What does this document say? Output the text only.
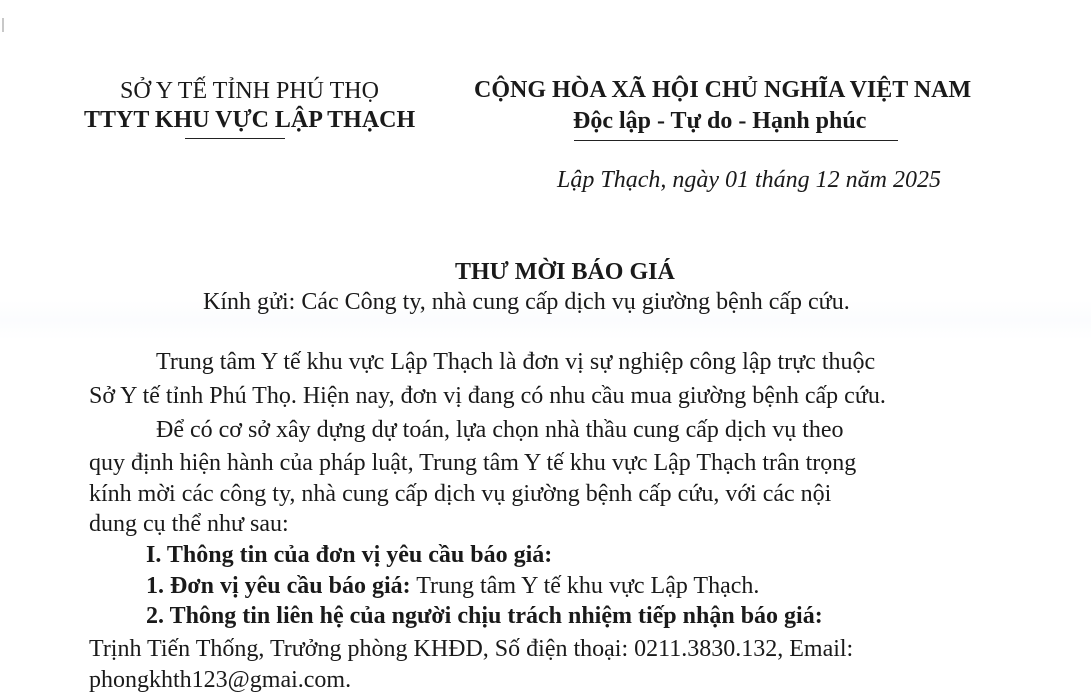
SỞ Y TẾ TỈNH PHÚ THỌ
TTYT KHU VỰC LẬP THẠCH
CỘNG HÒA XÃ HỘI CHỦ NGHĨA VIỆT NAM
Độc lập - Tự do - Hạnh phúc
Lập Thạch, ngày 01 tháng 12 năm 2025
THƯ MỜI BÁO GIÁ
Kính gửi: Các Công ty, nhà cung cấp dịch vụ giường bệnh cấp cứu.
Trung tâm Y tế khu vực Lập Thạch là đơn vị sự nghiệp công lập trực thuộc
Sở Y tế tỉnh Phú Thọ. Hiện nay, đơn vị đang có nhu cầu mua giường bệnh cấp cứu.
Để có cơ sở xây dựng dự toán, lựa chọn nhà thầu cung cấp dịch vụ theo
quy định hiện hành của pháp luật, Trung tâm Y tế khu vực Lập Thạch trân trọng
kính mời các công ty, nhà cung cấp dịch vụ giường bệnh cấp cứu, với các nội
dung cụ thể như sau:
I. Thông tin của đơn vị yêu cầu báo giá:
1. Đơn vị yêu cầu báo giá: Trung tâm Y tế khu vực Lập Thạch.
2. Thông tin liên hệ của người chịu trách nhiệm tiếp nhận báo giá:
Trịnh Tiến Thống, Trưởng phòng KHĐD, Số điện thoại: 0211.3830.132, Email:
phongkhth123@gmai.com.
